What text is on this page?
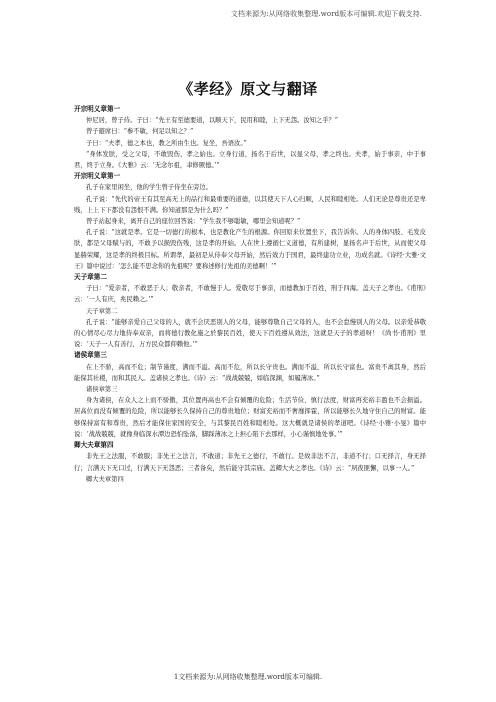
文档来源为:从网络收集整理.word版本可编辑.欢迎下载支持.
《孝经》原文与翻译

开宗明义章第一

仲尼居，曾子侍。子曰：“先王有至德要道，以顺天下，民用和睦，上下无怨。汝知之乎？”

曾子避席曰：“参不敏，何足以知之？”

子曰：“夫孝，德之本也，教之所由生也。复坐，吾语汝。”

“身体发肤，受之父母，不敢毁伤，孝之始也。立身行道，扬名于后世，以显父母，孝之终也。夫孝，始于事亲，中于事君，终于立身。《大雅》云：‘无念尔祖，聿修厥德。’”

开宗明义章第一

孔子在家里闲坐，他的学生曾子侍坐在旁边。

孔子说：“先代的帝王有其至高无上的品行和最重要的道德，以其使天下人心归顺，人民和睦相处。人们无论是尊贵还是卑贱，上上下下都没有怨恨不满。你知道那是为什么吗？”

曾子站起身来，离开自己的座位回答说：“学生我不够聪敏，哪里会知道呢？”

孔子说：“这就是孝。它是一切德行的根本，也是教化产生的根源。你回原来位置坐下，我告诉你。人的身体四肢、毛发皮肤，都是父母赋与的，不敢予以损毁伤残，这是孝的开始。人在世上遵循仁义道德，有所建树，显扬名声于后世，从而使父母显赫荣耀，这是孝的终极目标。所谓孝，最初是从侍奉父母开始，然后效力于国君，最终建功立业，功成名就。《诗经·大雅·文王》篇中说过：‘怎么能不思念你的先祖呢？要称述修行先祖的美德啊！’”

天子章第二

子曰：“爱亲者，不敢恶于人；敬亲者，不敢慢于人。爱敬尽于事亲，而德教加于百姓，刑于四海。盖天子之孝也。《甫刑》云：‘一人有庆，兆民赖之。’”

天子章第二

孔子说：“能够亲爱自己父母的人，就不会厌恶别人的父母，能够尊敬自己父母的人，也不会怠慢别人的父母。以亲爱恭敬的心情尽心尽力地侍奉双亲，而将德行教化施之於黎民百姓，使天下百姓遵从效法，这就是天子的孝道呀！《尚书·甫刑》里说：‘天子一人有善行，万方民众都仰赖他。’”

诸侯章第三

在上不骄，高而不危；制节谨度，满而不溢。高而不危，所以长守贵也。满而不溢，所以长守富也。富贵不离其身，然后能保其社稷，而和其民人。盖诸侯之孝也。《诗》云：“战战兢兢，如临深渊，如履薄冰。”

诸侯章第三

身为诸侯，在众人之上而不骄傲，其位置再高也不会有倾覆的危险；生活节俭、慎行法度，财富再充裕丰盈也不会损溢。居高位而没有倾覆的危险，所以能够长久保持自己的尊贵地位；财富充裕而不奢靡挥霍，所以能够长久地守住自己的财富。能够保持富有和尊贵，然后才能保住家国的安全，与其黎民百姓和睦相处。这大概就是诸侯的孝道吧。《诗经·小雅·小旻》篇中说：‘战战兢兢，就像身临深水潭边恐怕坠落，脚踩薄冰之上担心陷下去那样，小心谨慎地处事。’”

卿大夫章第四

非先王之法服，不敢服；非先王之法言，不敢道；非先王之德行，不敢行。是故非法不言，非道不行；口无择言，身无择行；言满天下无口过，行满天下无怨恶；三者备矣，然后能守其宗庙。盖卿大夫之孝也。《诗》云：“夙夜匪懈，以事一人。”

卿大夫章第四

1文档来源为:从网络收集整理.word版本可编辑.
